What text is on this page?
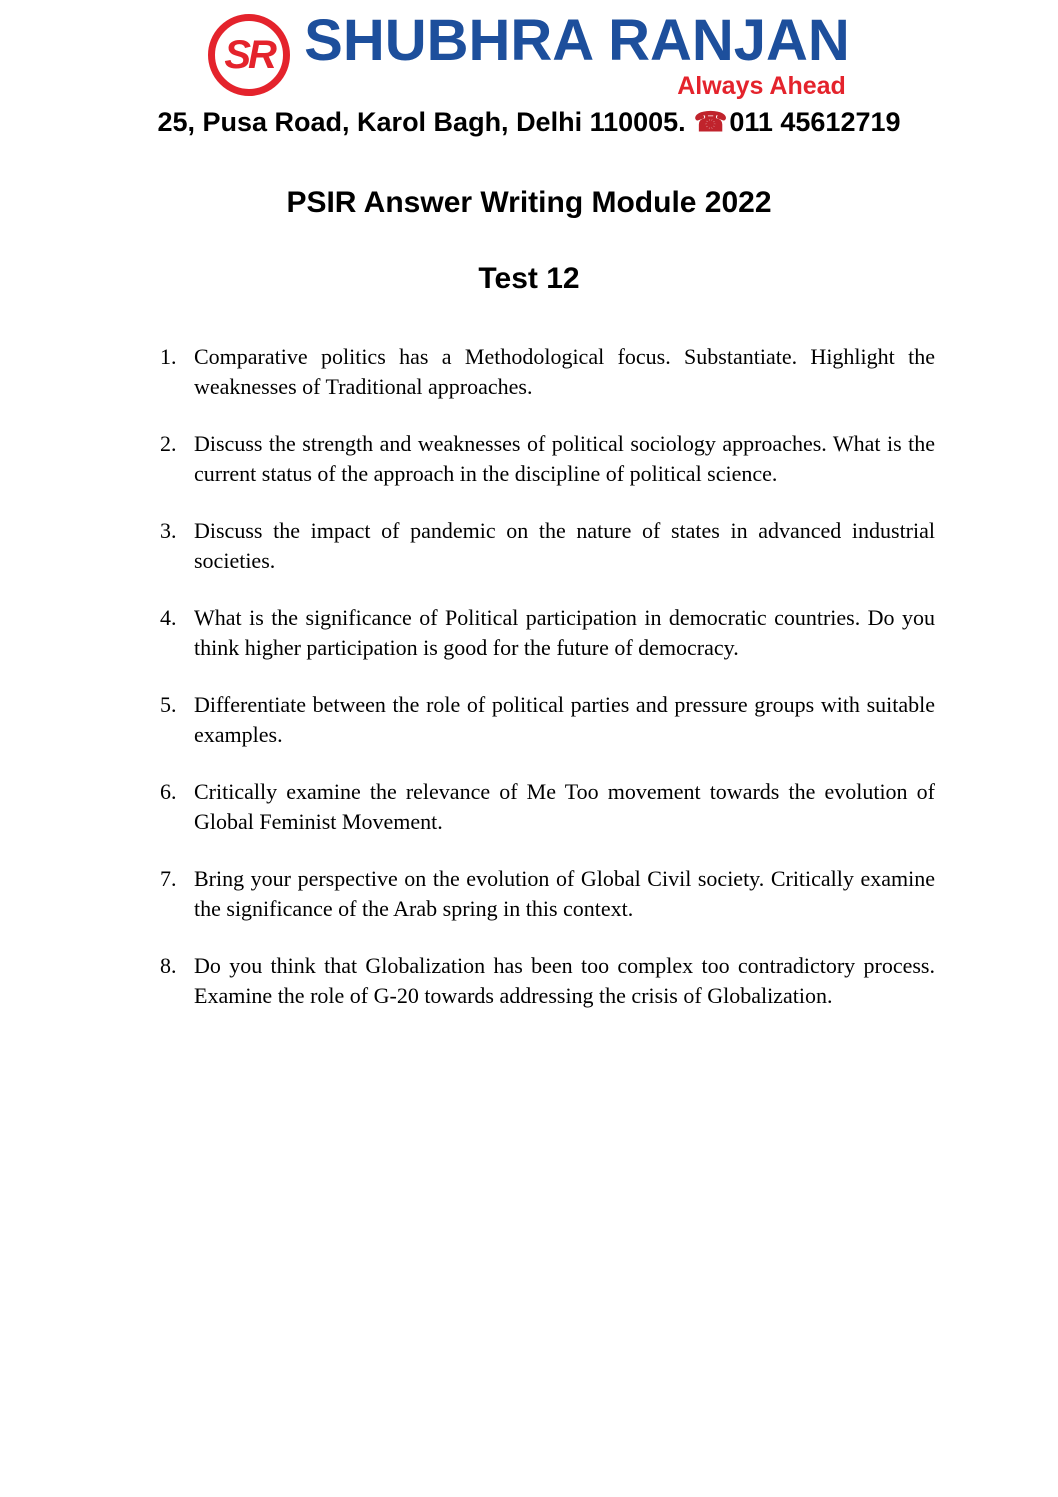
SR SHUBHRA RANJAN
Always Ahead
25, Pusa Road, Karol Bagh, Delhi 110005. ☎011 45612719
PSIR Answer Writing Module 2022
Test 12
1. Comparative politics has a Methodological focus. Substantiate. Highlight the weaknesses of Traditional approaches.
2. Discuss the strength and weaknesses of political sociology approaches. What is the current status of the approach in the discipline of political science.
3. Discuss the impact of pandemic on the nature of states in advanced industrial societies.
4. What is the significance of Political participation in democratic countries. Do you think higher participation is good for the future of democracy.
5. Differentiate between the role of political parties and pressure groups with suitable examples.
6. Critically examine the relevance of Me Too movement towards the evolution of Global Feminist Movement.
7. Bring your perspective on the evolution of Global Civil society. Critically examine the significance of the Arab spring in this context.
8. Do you think that Globalization has been too complex too contradictory process. Examine the role of G-20 towards addressing the crisis of Globalization.
